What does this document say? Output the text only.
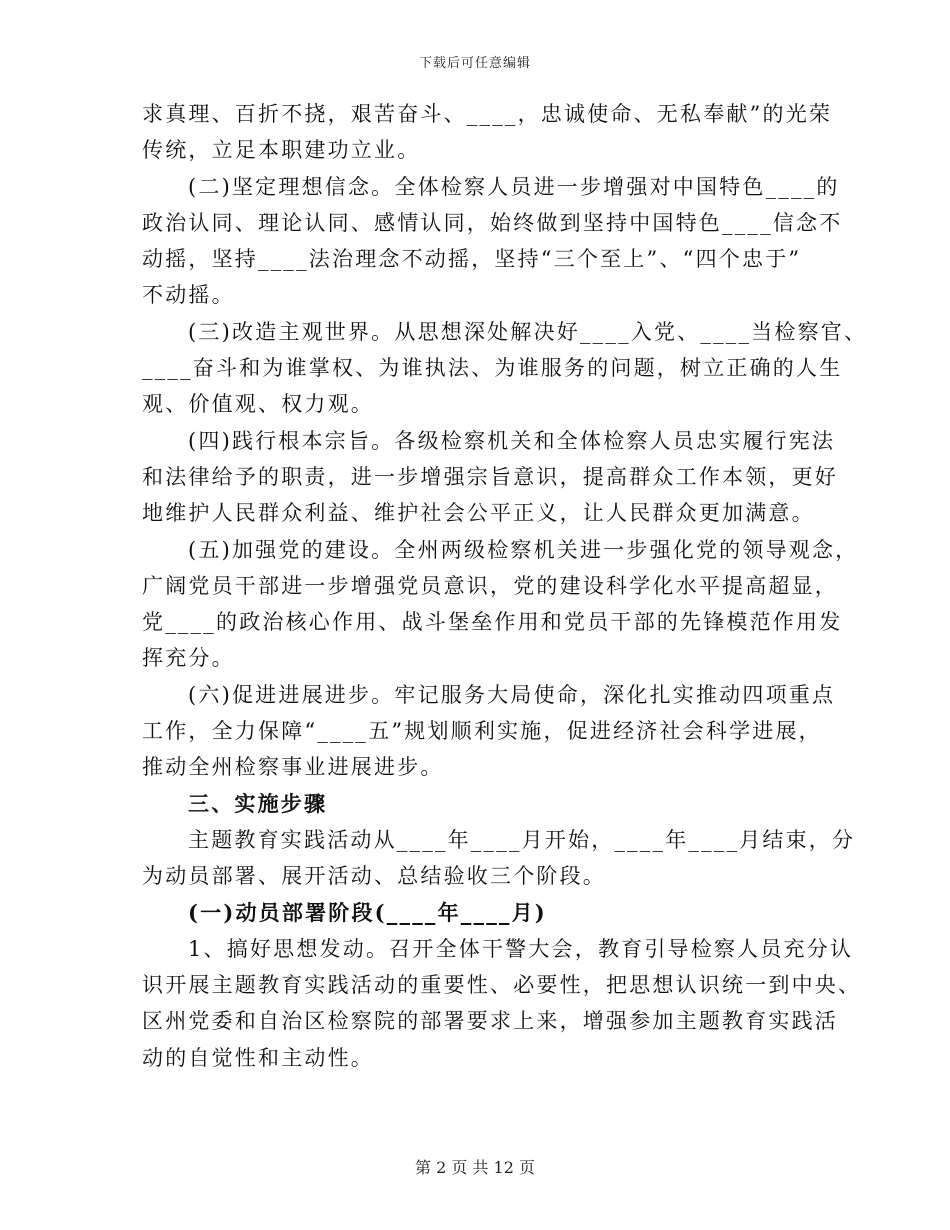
下载后可任意编辑
求真理、百折不挠，艰苦奋斗、____，忠诚使命、无私奉献”的光荣
传统，立足本职建功立业。
(二)坚定理想信念。全体检察人员进一步增强对中国特色____的
政治认同、理论认同、感情认同，始终做到坚持中国特色____信念不
动摇，坚持____法治理念不动摇，坚持“三个至上”、“四个忠于”
不动摇。
(三)改造主观世界。从思想深处解决好____入党、____当检察官、
____奋斗和为谁掌权、为谁执法、为谁服务的问题，树立正确的人生
观、价值观、权力观。
(四)践行根本宗旨。各级检察机关和全体检察人员忠实履行宪法
和法律给予的职责，进一步增强宗旨意识，提高群众工作本领，更好
地维护人民群众利益、维护社会公平正义，让人民群众更加满意。
(五)加强党的建设。全州两级检察机关进一步强化党的领导观念，
广阔党员干部进一步增强党员意识，党的建设科学化水平提高超显，
党____的政治核心作用、战斗堡垒作用和党员干部的先锋模范作用发
挥充分。
(六)促进进展进步。牢记服务大局使命，深化扎实推动四项重点
工作，全力保障“____五”规划顺利实施，促进经济社会科学进展，
推动全州检察事业进展进步。
三、实施步骤
主题教育实践活动从____年____月开始，____年____月结束，分
为动员部署、展开活动、总结验收三个阶段。
(一)动员部署阶段(____年____月)
1、搞好思想发动。召开全体干警大会，教育引导检察人员充分认
识开展主题教育实践活动的重要性、必要性，把思想认识统一到中央、
区州党委和自治区检察院的部署要求上来，增强参加主题教育实践活
动的自觉性和主动性。
第 2 页 共 12 页
